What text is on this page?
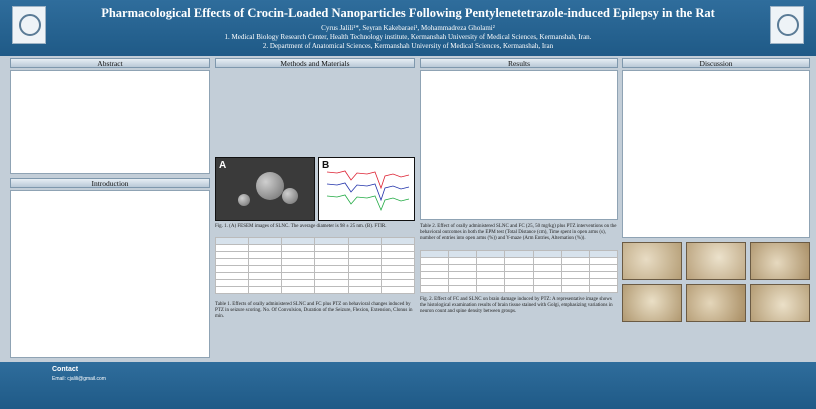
Pharmacological Effects of Crocin-Loaded Nanoparticles Following Pentylenetetrazole-induced Epilepsy in the Rat
Cyrus Jalili¹*, Seyran Kakebaraei¹, Mohammadreza Gholami²
1. Medical Biology Research Center, Health Technology institute, Kermanshah University of Medical Sciences, Kermanshah, Iran.
2. Department of Anatomical Sciences, Kermanshah University of Medical Sciences, Kermanshah, Iran
Abstract
Introduction
Methods and Materials
A	B
Fig. 1. (A) FESEM images of SLNC. The average diameter is 98 ± 25 nm. (B). FTIR.

Table 1. Effects of orally administered SLNC and FC plus PTZ on behavioral changes induced by PTZ in seizure scoring. No. Of Convulsion, Duration of the Seizure, Flexion, Extension, Clonus in min.
Results
Table 2. Effect of orally administered SLNC and FC (25, 50 mg/kg) plus PTZ interventions on the behavioral outcomes in both the EPM test (Total Distance (cm), Time spent in open arms (s), number of entries into open arms (%)) and Y-maze (Arm Entries, Alternation (%)).

Fig. 2. Effect of FC and SLNC on brain damage induced by PTZ: A representative image shows the histological examination results of brain tissue stained with Golgi, emphasizing variations in neuron count and spine density between groups.
Discussion
Contact
Email: cjalili@gmail.com
